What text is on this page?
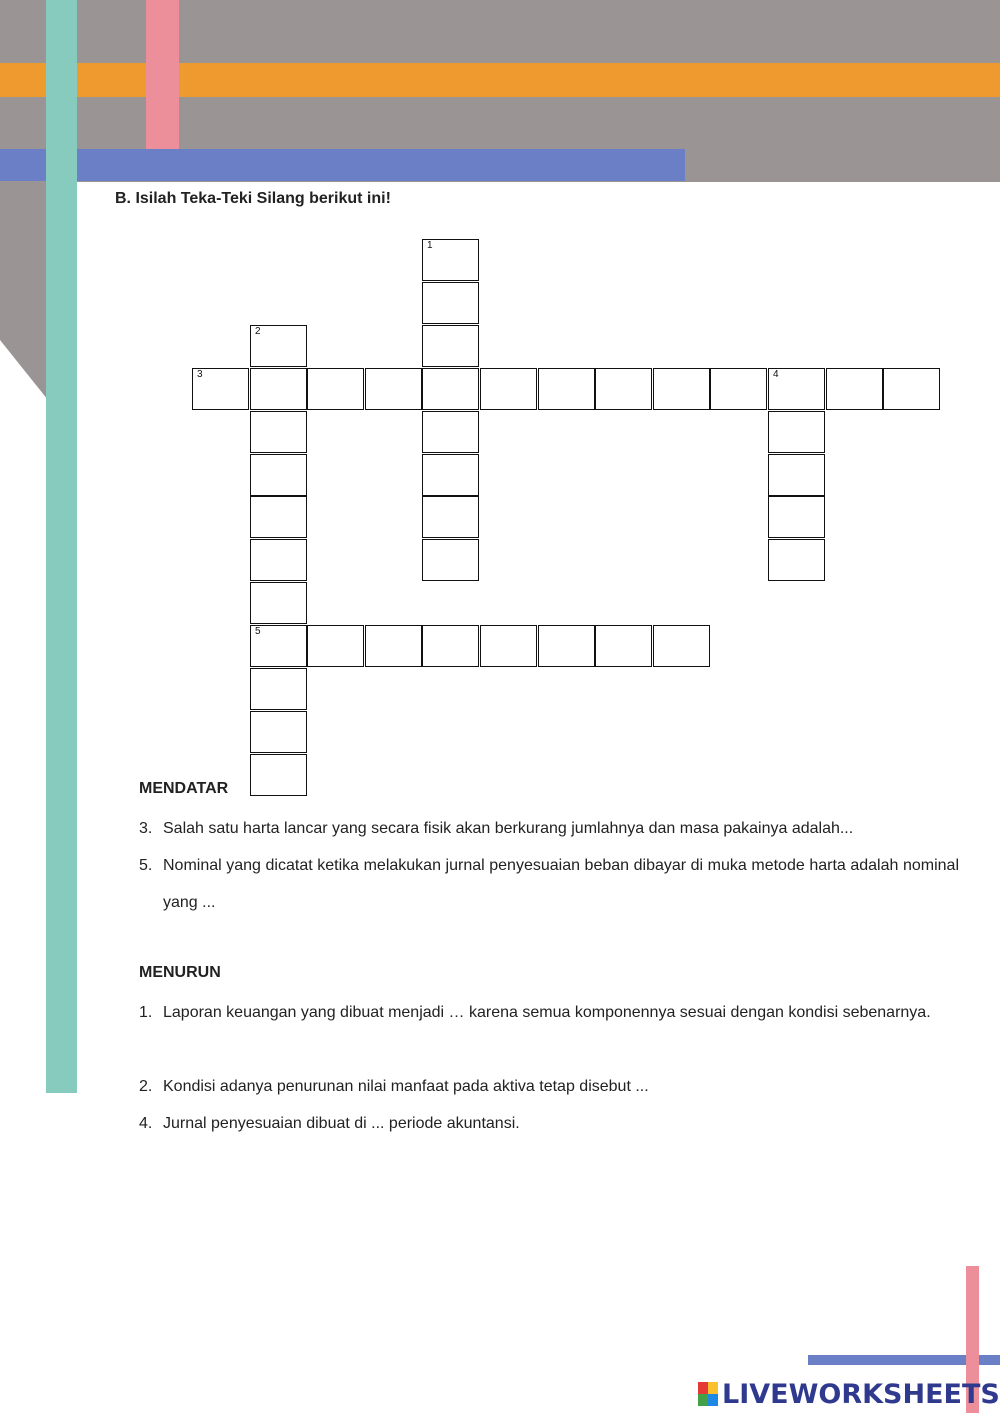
B. Isilah Teka-Teki Silang berikut ini!
1
2
5
3	4
MENDATAR
3. Salah satu harta lancar yang secara fisik akan berkurang jumlahnya dan masa pakainya adalah...
5. Nominal yang dicatat ketika melakukan jurnal penyesuaian beban dibayar di muka metode harta adalah nominal yang ...
MENURUN
1. Laporan keuangan yang dibuat menjadi … karena semua komponennya sesuai dengan kondisi sebenarnya.
2. Kondisi adanya penurunan nilai manfaat pada aktiva tetap disebut ...
4. Jurnal penyesuaian dibuat di ... periode akuntansi.
LIVEWORKSHEETS
